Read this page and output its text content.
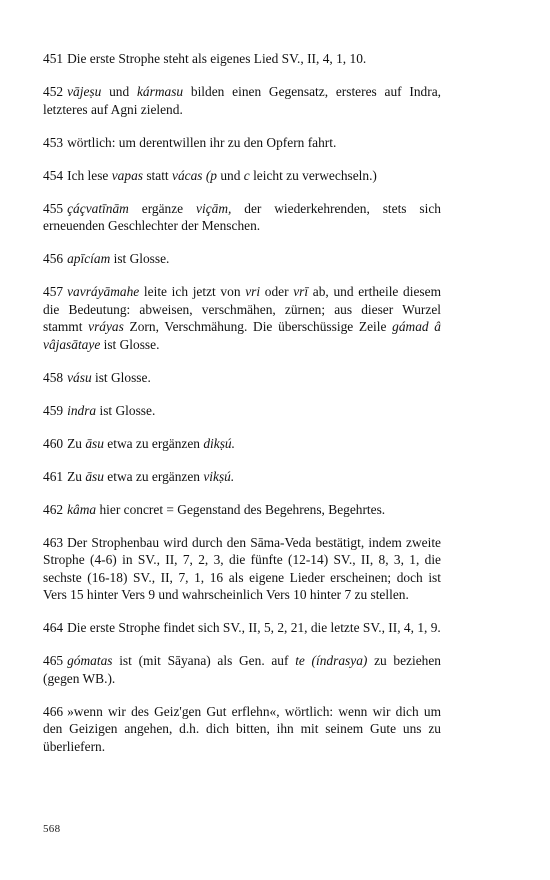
451 Die erste Strophe steht als eigenes Lied SV., II, 4, 1, 10.

452 vājeṣu und kármasu bilden einen Gegensatz, ersteres auf Indra, letzteres auf Agni zielend.

453 wörtlich: um derentwillen ihr zu den Opfern fahrt.

454 Ich lese vapas statt vácas (p und c leicht zu verwechseln.)

455 çáçvatīnām ergänze viçām, der wiederkehrenden, stets sich erneuenden Geschlechter der Menschen.

456 apīcíam ist Glosse.

457 vavráyāmahe leite ich jetzt von vri oder vrī ab, und ertheile diesem die Bedeutung: abweisen, verschmähen, zürnen; aus dieser Wurzel stammt vráyas Zorn, Verschmähung. Die überschüssige Zeile gámad â vâjasātaye ist Glosse.

458 vásu ist Glosse.

459 indra ist Glosse.

460 Zu āsu etwa zu ergänzen dikṣú.

461 Zu āsu etwa zu ergänzen vikṣú.

462 kâma hier concret = Gegenstand des Begehrens, Begehrtes.

463 Der Strophenbau wird durch den Sāma-Veda bestätigt, indem zweite Strophe (4-6) in SV., II, 7, 2, 3, die fünfte (12-14) SV., II, 8, 3, 1, die sechste (16-18) SV., II, 7, 1, 16 als eigene Lieder erscheinen; doch ist Vers 15 hinter Vers 9 und wahrscheinlich Vers 10 hinter 7 zu stellen.

464 Die erste Strophe findet sich SV., II, 5, 2, 21, die letzte SV., II, 4, 1, 9.

465 gómatas ist (mit Sāyana) als Gen. auf te (índrasya) zu beziehen (gegen WB.).

466 »wenn wir des Geiz'gen Gut erflehn«, wörtlich: wenn wir dich um den Geizigen angehen, d.h. dich bitten, ihn mit seinem Gute uns zu überliefern.

568
